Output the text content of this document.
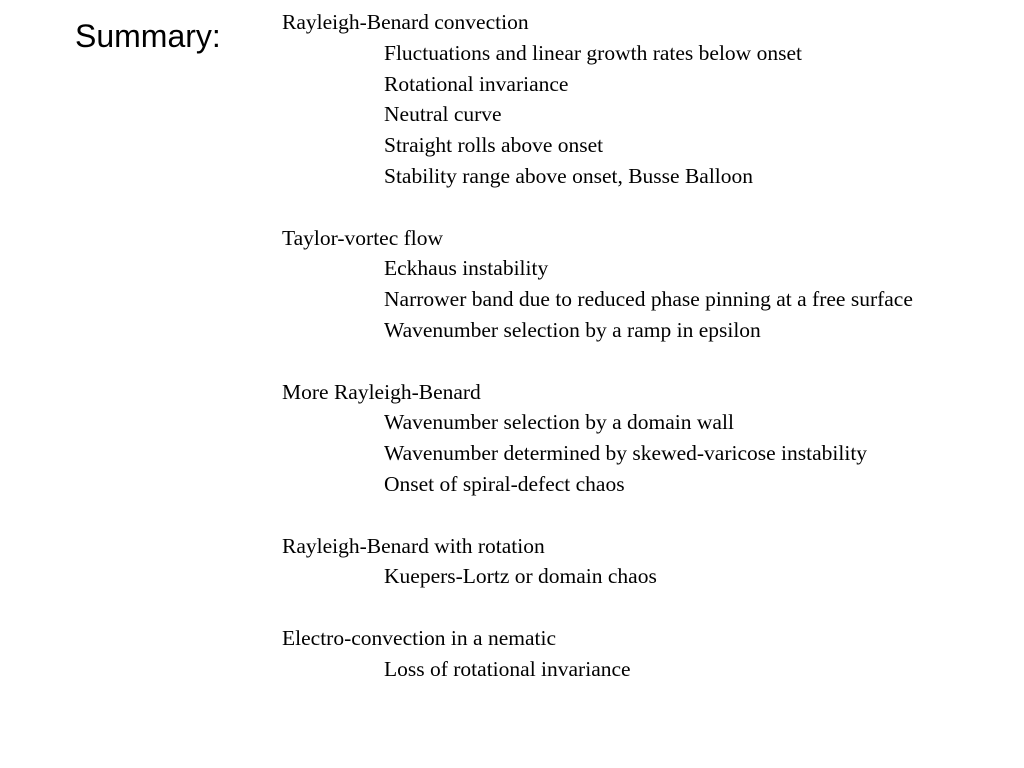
Summary:	Rayleigh-Benard convection
Fluctuations and linear growth rates below onset
Rotational invariance
Neutral curve
Straight rolls above onset
Stability range above onset, Busse Balloon
Taylor-vortec flow
Eckhaus instability
Narrower band due to reduced phase pinning at a free surface
Wavenumber selection by a ramp in epsilon
More Rayleigh-Benard
Wavenumber selection by a domain wall
Wavenumber determined by skewed-varicose instability
Onset of spiral-defect chaos
Rayleigh-Benard with rotation
Kuepers-Lortz or domain chaos
Electro-convection in a nematic
Loss of rotational invariance
